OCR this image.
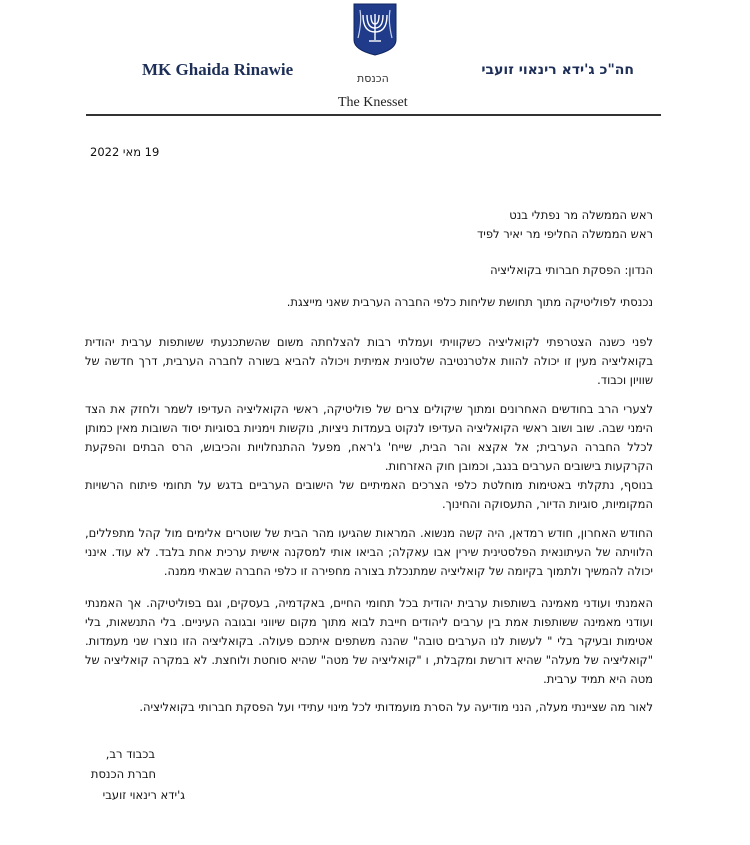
MK Ghaida Rinawie	הכנסת
חה"כ ג'ידא רינאוי זועבי
The Knesset
19 מאי 2022
ראש הממשלה מר נפתלי בנט
ראש הממשלה החליפי מר יאיר לפיד
הנדון: הפסקת חברותי בקואליציה
נכנסתי לפוליטיקה מתוך תחושת שליחות כלפי החברה הערבית שאני מייצגת.

לפני כשנה הצטרפתי לקואליציה כשקוויתי ועמלתי רבות להצלחתה משום שהשתכנעתי ששותפות ערבית יהודית בקואליציה מעין זו יכולה להוות אלטרנטיבה שלטונית אמיתית ויכולה להביא בשורה לחברה הערבית, דרך חדשה של שוויון וכבוד.

לצערי הרב בחודשים האחרונים ומתוך שיקולים צרים של פוליטיקה, ראשי הקואליציה העדיפו לשמר ולחזק את הצד הימני שבה. שוב ושוב ראשי הקואליציה העדיפו לנקוט בעמדות ניציות, נוקשות וימניות בסוגיות יסוד השובות מאין כמותן לכלל החברה הערבית; אל אקצא והר הבית, שייח' ג'ראח, מפעל ההתנחלויות והכיבוש, הרס הבתים והפקעת הקרקעות בישובים הערבים בנגב, וכמובן חוק האזרחות.

בנוסף, נתקלתי באטימות מוחלטת כלפי הצרכים האמיתיים של הישובים הערביים בדגש על תחומי פיתוח הרשויות המקומיות, סוגיות הדיור, התעסוקה והחינוך.

החודש האחרון, חודש רמדאן, היה קשה מנשוא. המראות שהגיעו מהר הבית של שוטרים אלימים מול קהל מתפללים, הלוויתה של העיתונאית הפלסטינית שירין אבו עאקלה; הביאו אותי למסקנה אישית ערכית אחת בלבד. לא עוד. אינני יכולה להמשיך ולתמוך בקיומה של קואליציה שמתנכלת בצורה מחפירה זו כלפי החברה שבאתי ממנה.

האמנתי ועודני מאמינה בשותפות ערבית יהודית בכל תחומי החיים, באקדמיה, בעסקים, וגם בפוליטיקה. אך האמנתי ועודני מאמינה ששותפות אמת בין ערבים ליהודים חייבת לבוא מתוך מקום שיווני ובגובה העיניים. בלי התנשאות, בלי אטימות ובעיקר בלי " לעשות לנו הערבים טובה" שהנה משתפים איתכם פעולה. בקואליציה הזו נוצרו שני מעמדות. "קואליציה של מעלה" שהיא דורשת ומקבלת, ו "קואליציה של מטה" שהיא סוחטת ולוחצת. לא במקרה קואליציה של מטה היא תמיד ערבית.

לאור מה שציינתי מעלה, הנני מודיעה על הסרת מועמדותי לכל מינוי עתידי ועל הפסקת חברותי בקואליציה.

בכבוד רב,
חברת הכנסת
ג'ידא רינאוי זועבי
